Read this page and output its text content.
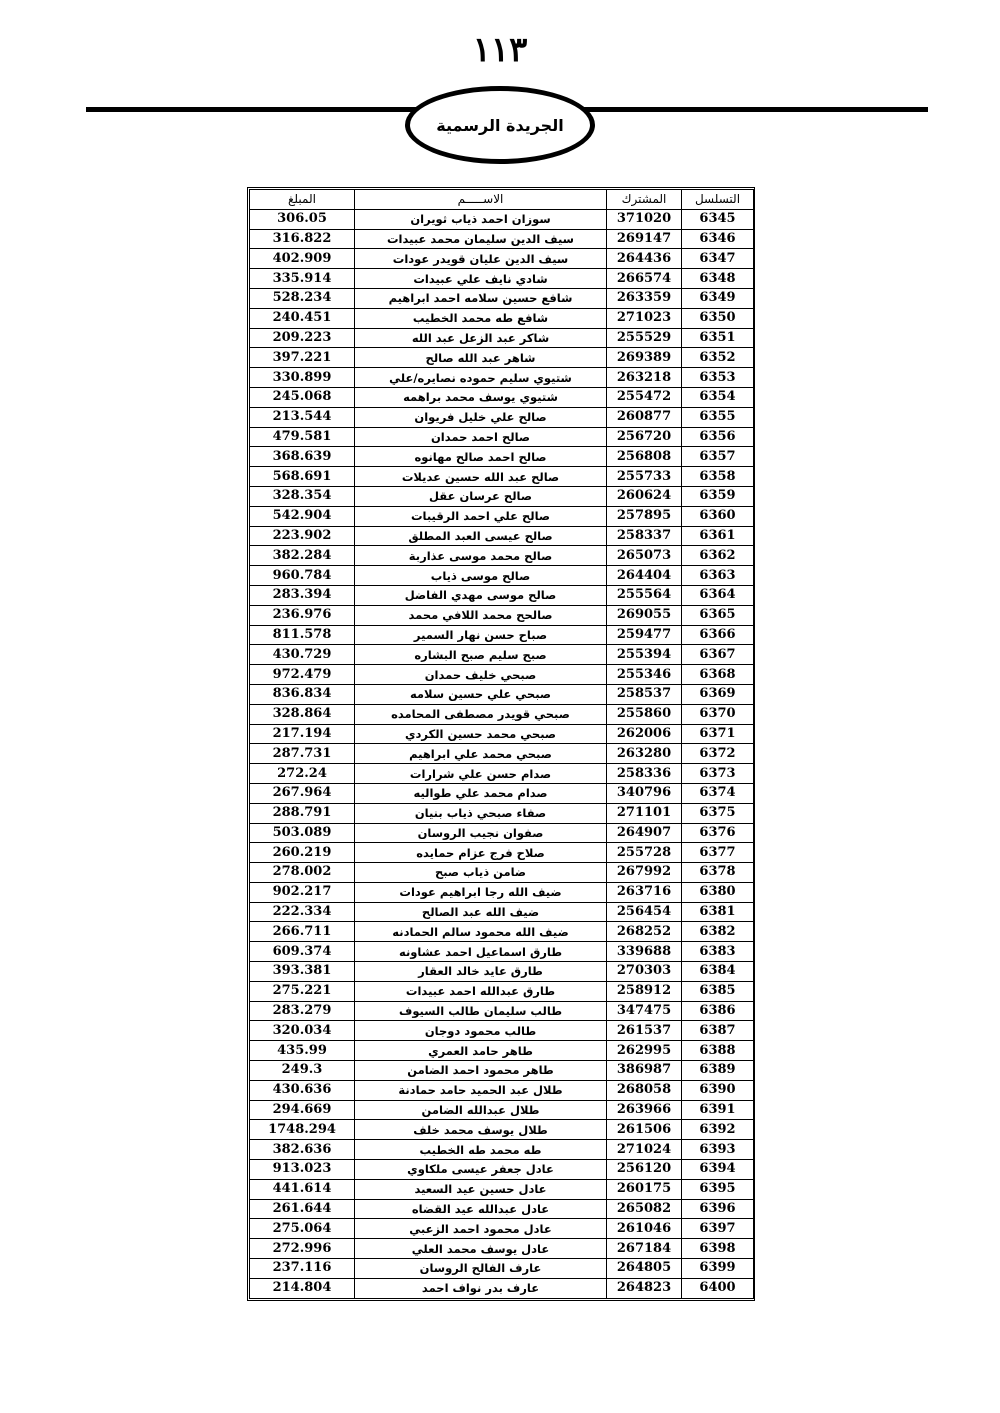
١١٣
الجريدة الرسمية
التسلسل	المشترك	الاســـــم	المبلغ
6345	371020	سوزان احمد ذياب ثويران	306.05
6346	269147	سيف الدين سليمان محمد عبيدات	316.822
6347	264436	سيف الدين عليان قويدر عودات	402.909
6348	266574	شادي نايف علي عبيدات	335.914
6349	263359	شافع حسين سلامه احمد ابراهيم	528.234
6350	271023	شافع طه محمد الخطيب	240.451
6351	255529	شاكر عبد الزعل عبد الله	209.223
6352	269389	شاهر عبد الله صالح	397.221
6353	263218	شتيوي سليم حموده نصايره/علي	330.899
6354	255472	شتيوي يوسف محمد براهمه	245.068
6355	260877	صالح علي خليل فريوان	213.544
6356	256720	صالح احمد حمدان	479.581
6357	256808	صالح احمد صالح مهانوه	368.639
6358	255733	صالح عبد الله حسين عديلات	568.691
6359	260624	صالح عرسان عقل	328.354
6360	257895	صالح علي احمد الرقيبات	542.904
6361	258337	صالح عيسى العبد المطلق	223.902
6362	265073	صالح محمد موسى عذاربة	382.284
6363	264404	صالح موسى ذياب	960.784
6364	255564	صالح موسى مهدي الفاضل	283.394
6365	269055	صالحح محمد اللافي محمد	236.976
6366	259477	صباح حسن نهار السمير	811.578
6367	255394	صبح سليم صبح البشاره	430.729
6368	255346	صبحي خليف حمدان	972.479
6369	258537	صبحي علي حسين سلامه	836.834
6370	255860	صبحي قويدر مصطفى المحامده	328.864
6371	262006	صبحي محمد حسين الكردي	217.194
6372	263280	صبحي محمد علي ابراهيم	287.731
6373	258336	صدام حسن علي شرارات	272.24
6374	340796	صدام محمد علي طواليه	267.964
6375	271101	صفاء صبحي ذياب بنيان	288.791
6376	264907	صفوان نجيب الروسان	503.089
6377	255728	صلاح فرج عزام حمايده	260.219
6378	267992	ضامن ذياب صبح	278.002
6380	263716	ضيف الله رجا ابراهيم عودات	902.217
6381	256454	ضيف الله عبد الصالح	222.334
6382	268252	ضيف الله محمود سالم الحمادنه	266.711
6383	339688	طارق اسماعيل احمد عشاونه	609.374
6384	270303	طارق عايد خالد العقار	393.381
6385	258912	طارق عبدالله احمد عبيدات	275.221
6386	347475	طالب سليمان طالب السيوف	283.279
6387	261537	طالب محمود دوجان	320.034
6388	262995	طاهر حامد العمري	435.99
6389	386987	طاهر محمود احمد الضامن	249.3
6390	268058	طلال عبد الحميد حامد حمادنة	430.636
6391	263966	طلال عبدالله الضامن	294.669
6392	261506	طلال يوسف محمد خلف	1748.294
6393	271024	طه محمد طه الخطيب	382.636
6394	256120	عادل جعفر عيسى ملكاوي	913.023
6395	260175	عادل حسين عيد السعيد	441.614
6396	265082	عادل عبدالله عيد القضاه	261.644
6397	261046	عادل محمود احمد الزعبي	275.064
6398	267184	عادل يوسف محمد العلي	272.996
6399	264805	عارف الفالح الروسان	237.116
6400	264823	عارف بدر نواف احمد	214.804
